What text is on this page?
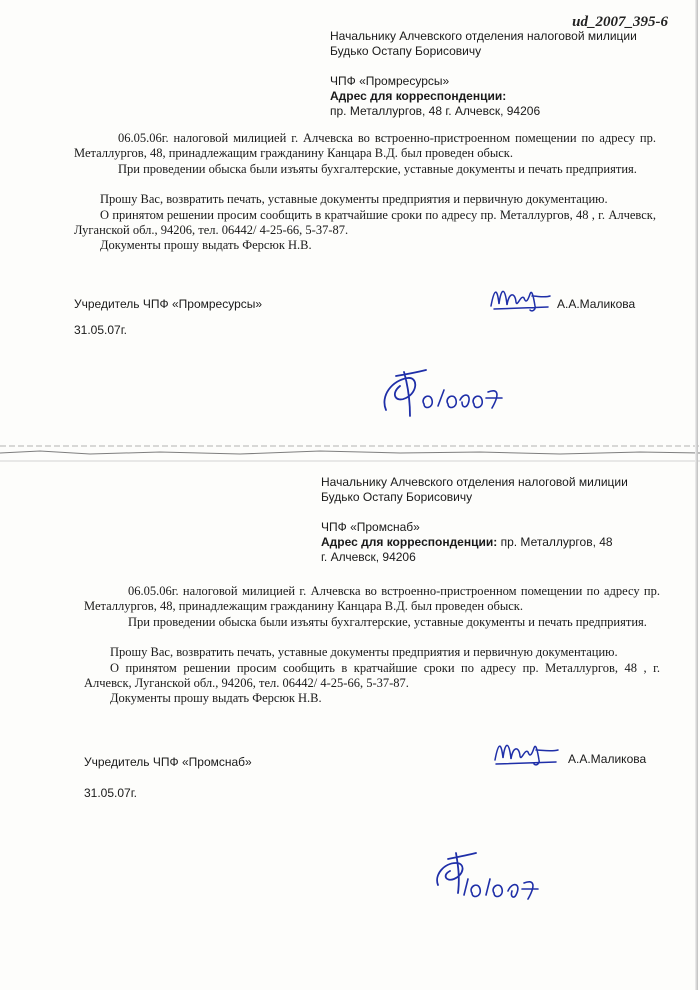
ud_2007_395-6

Начальнику Алчевского отделения налоговой милиции

Будько Остапу Борисовичу

ЧПФ «Промресурсы»

Адрес для корреспонденции:

пр. Металлургов, 48 г. Алчевск, 94206

06.05.06г. налоговой милицией г. Алчевска во встроенно-пристроенном помещении по адресу пр. Металлургов, 48, принадлежащим гражданину Канцара В.Д. был проведен обыск.

При проведении обыска были изъяты бухгалтерские, уставные документы и печать предприятия.

Прошу Вас, возвратить печать, уставные документы предприятия и первичную документацию.

О принятом решении просим сообщить в кратчайшие сроки по адресу пр. Металлургов, 48 , г. Алчевск, Луганской обл., 94206, тел. 06442/ 4-25-66, 5-37-87.

Документы прошу выдать Ферсюк Н.В.

Учредитель ЧПФ «Промресурсы»	А.А.Маликова
31.05.07г.

Начальнику Алчевского отделения налоговой милиции

Будько Остапу Борисовичу

ЧПФ «Промснаб»

Адрес для корреспонденции: пр. Металлургов, 48

г. Алчевск, 94206

06.05.06г. налоговой милицией г. Алчевска во встроенно-пристроенном помещении по адресу пр. Металлургов, 48, принадлежащим гражданину Канцара В.Д. был проведен обыск.

При проведении обыска были изъяты бухгалтерские, уставные документы и печать предприятия.

Прошу Вас, возвратить печать, уставные документы предприятия и первичную документацию.

О принятом решении просим сообщить в кратчайшие сроки по адресу пр. Металлургов, 48 , г. Алчевск, Луганской обл., 94206, тел. 06442/ 4-25-66, 5-37-87.

Документы прошу выдать Ферсюк Н.В.

Учредитель ЧПФ «Промснаб»	А.А.Маликова
31.05.07г.
